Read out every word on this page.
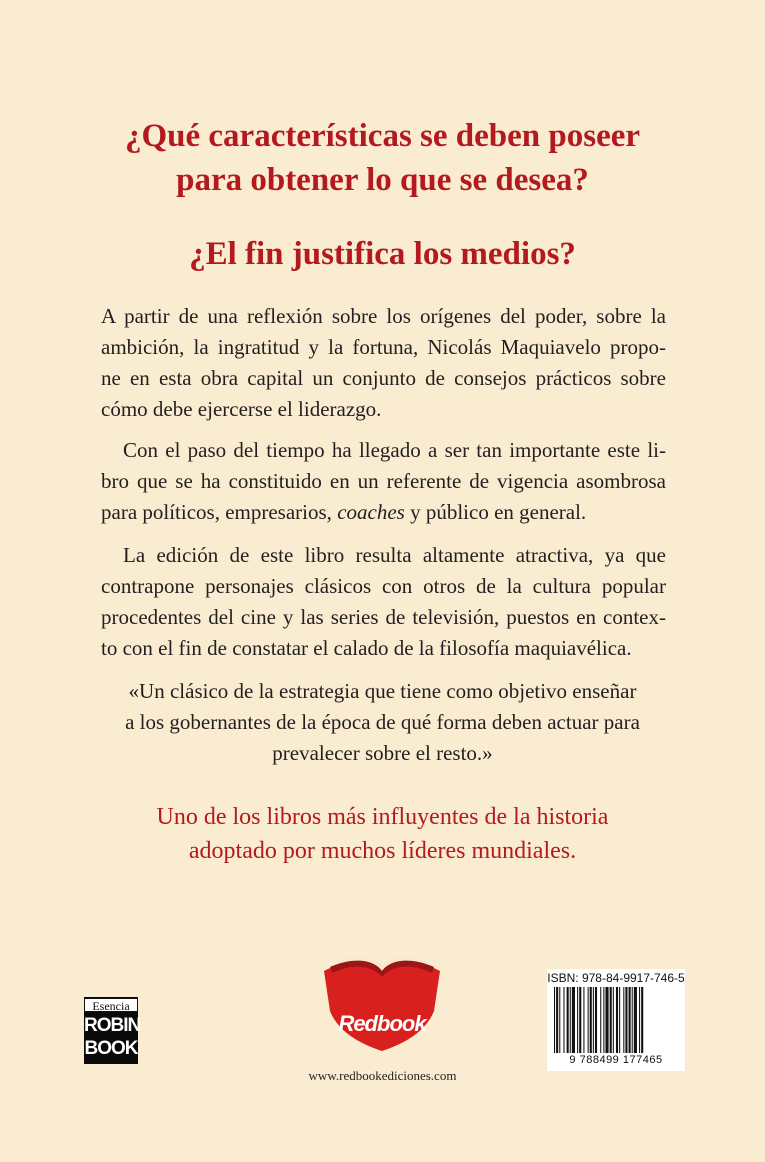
¿Qué características se deben poseer
para obtener lo que se desea?
¿El fin justifica los medios?
A partir de una reflexión sobre los orígenes del poder, sobre la
ambición, la ingratitud y la fortuna, Nicolás Maquiavelo propo-
ne en esta obra capital un conjunto de consejos prácticos sobre
cómo debe ejercerse el liderazgo.
Con el paso del tiempo ha llegado a ser tan importante este li-
bro que se ha constituido en un referente de vigencia asombrosa
para políticos, empresarios, coaches y público en general.
La edición de este libro resulta altamente atractiva, ya que
contrapone personajes clásicos con otros de la cultura popular
procedentes del cine y las series de televisión, puestos en contex-
to con el fin de constatar el calado de la filosofía maquiavélica.
«Un clásico de la estrategia que tiene como objetivo enseñar
a los gobernantes de la época de qué forma deben actuar para
prevalecer sobre el resto.»
Uno de los libros más influyentes de la historia
adoptado por muchos líderes mundiales.
Esencia
ROBIN
BOOK
Redbook
www.redbookediciones.com
ISBN: 978-84-9917-746-5
9 788499 177465
